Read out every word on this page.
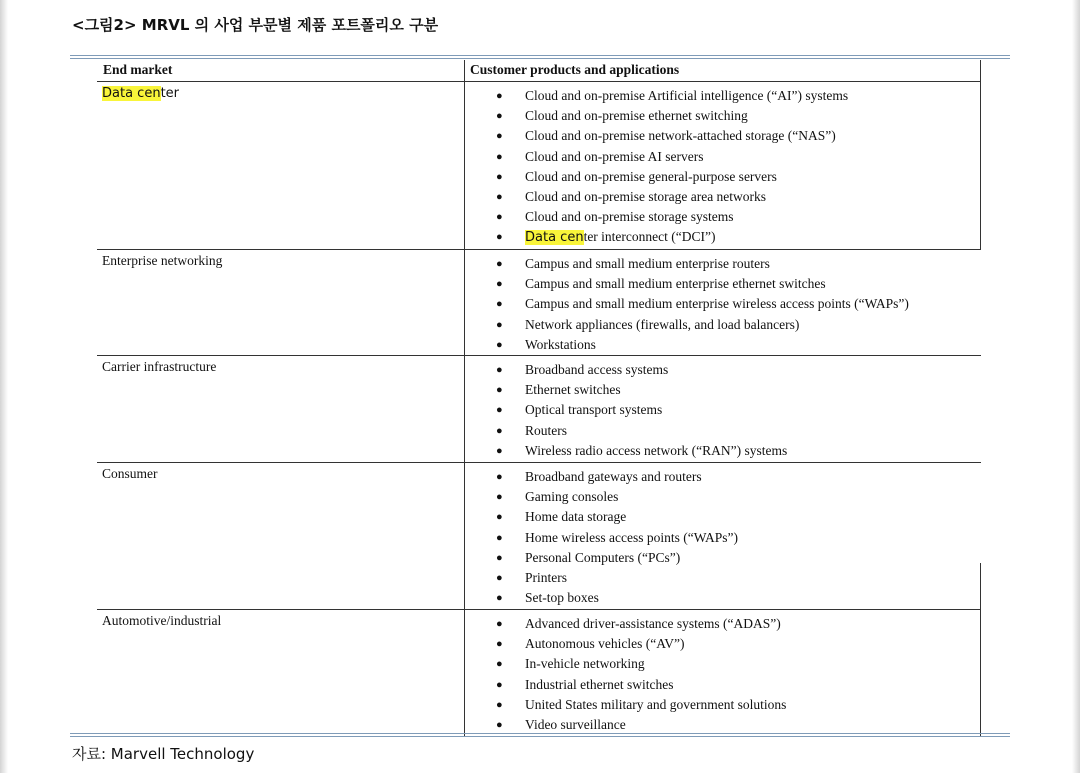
<그림2> MRVL 의 사업 부문별 제품 포트폴리오 구분
End market	Customer products and applications
Data center	● Cloud and on-premise Artificial intelligence (“AI”) systems
● Cloud and on-premise ethernet switching
● Cloud and on-premise network-attached storage (“NAS”)
● Cloud and on-premise AI servers
● Cloud and on-premise general-purpose servers
● Cloud and on-premise storage area networks
● Cloud and on-premise storage systems
● Data center interconnect (“DCI”)
Enterprise networking	● Campus and small medium enterprise routers
● Campus and small medium enterprise ethernet switches
● Campus and small medium enterprise wireless access points (“WAPs”)
● Network appliances (firewalls, and load balancers)
● Workstations
Carrier infrastructure	● Broadband access systems
● Ethernet switches
● Optical transport systems
● Routers
● Wireless radio access network (“RAN”) systems
Consumer	● Broadband gateways and routers
● Gaming consoles
● Home data storage
● Home wireless access points (“WAPs”)
● Personal Computers (“PCs”)
● Printers
● Set-top boxes
Automotive/industrial	● Advanced driver-assistance systems (“ADAS”)
● Autonomous vehicles (“AV”)
● In-vehicle networking
● Industrial ethernet switches
● United States military and government solutions
● Video surveillance
자료: Marvell Technology
